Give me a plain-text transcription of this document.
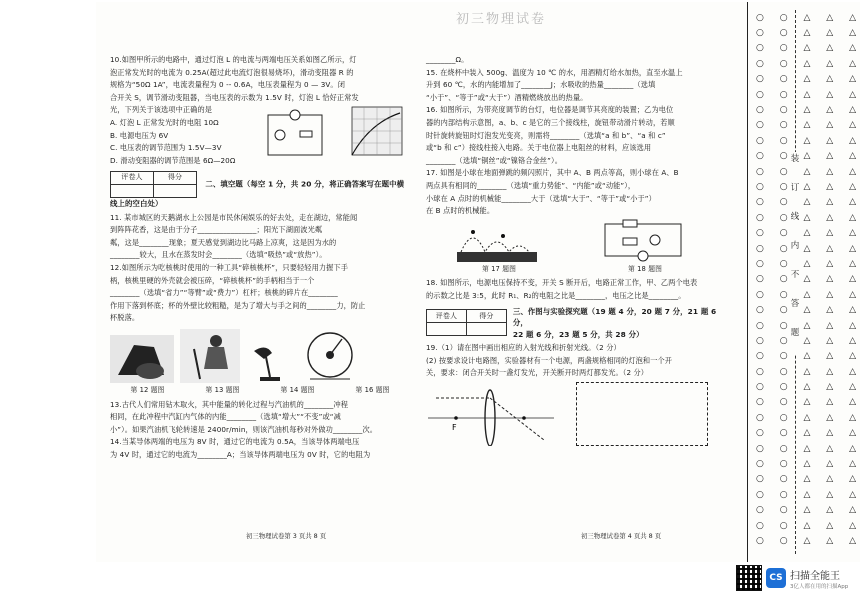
初三物理试卷

10.如图甲所示的电路中，通过灯泡 L 的电流与两端电压关系如图乙所示，灯

泡正常发光时的电流为 0.25A(超过此电流灯泡很易烧坏)，滑动变阻器 R 的

规格为“50Ω 1A”，电流表量程为 0 -- 0.6A，电压表量程为 0 — 3V。闭

合开关 S，调节滑动变阻器，当电压表的示数为 1.5V 时，灯泡 L 恰好正常发

光，下列关于该选项中正确的是

A. 灯泡 L 正常发光时的电阻 10Ω

B. 电源电压为 6V

C. 电压表的调节范围为 1.5V—3V

D. 滑动变阻器的调节范围是 6Ω—20Ω

评卷人	得分
	二、填空题（每空 1 分，共 20 分，将正确答案写在题中横线上的空白处）

11. 某市城区的天鹅湖水上公园是市民休闲娱乐的好去处，走在湖边，常能闻

到阵阵花香，这是由于分子________________；阳光下湖面波光粼

粼，这是________现象；夏天感觉到湖边比马路上凉爽，这是因为水的

________较大，且水在蒸发时会________（选填“吸热”或“放热”）。

12.如图所示为吃核桃时使用的一种工具“碎核桃杯”，只要轻轻用力握下手

柄，核桃里硬的外壳就会被压碎，“碎核桃杯”的手柄相当于一个

________（选填“省力”“等臂”或“费力”）杠杆；核桃的碎片在________

作用下落到杯底；杯的外壁比较粗糙，是为了增大与手之间的________力，防止

杯脱落。

第 12 题图	第 13 题图	第 14 题图	第 16 题图

13.古代人们常用钻木取火，其中能量的转化过程与汽油机的________冲程

相同，在此冲程中汽缸内气体的内能________（选填“增大”“不变”或“减

小”）。如果汽油机飞轮转速是 2400r/min，则该汽油机每秒对外做功________次。

14.当某导体两端的电压为 8V 时，通过它的电流为 0.5A，当该导体两端电压

为 4V 时，通过它的电流为________A；当该导体两端电压为 0V 时，它的电阻为

初三物理试卷第 3 页共 8 页

________Ω。

15. 在烧杯中装入 500g、温度为 10 ℃ 的水，用酒精灯给水加热，直至水温上

升到 60 ℃，水的内能增加了________J；水吸收的热量________（选填

“小于”、“等于”或“大于”）酒精燃烧放出的热量。

16. 如图所示，为带亮度调节的台灯，电位器是调节其亮度的装置；乙为电位

器的内部结构示意图，a、b、c 是它的三个接线柱，旋钮带动滑片转动，若顺

时针旋转旋钮时灯泡发光变亮，则需将________（选填“a 和 b”、“a 和 c”

或“b 和 c”）接线柱接入电路。关于电位器上电阻丝的材料，应该选用

________（选填“铜丝”或“镍铬合金丝”）。

17. 如图是小球在地面弹跳的频闪照片，其中 A、B 两点等高，则小球在 A、B

两点具有相同的________（选填“重力势能”、“内能”或“动能”），

小球在 A 点时的机械能________大于（选填“大于”、“等于”或“小于”）

在 B 点时的机械能。

第 17 题图	第 18 题图

18. 如图所示，电源电压保持不变，开关 S 断开后，电路正常工作，甲、乙两个电表

的示数之比是 3:5，此时 R₁、R₂的电阻之比是________，电压之比是________。

评卷人	得分

三、作图与实验探究题（19 题 4 分，20 题 7 分，21 题 6 分，
22 题 6 分，23 题 5 分，共 28 分）

19.（1）请在图中画出相应的入射光线和折射光线。（2 分）

(2) 按要求设计电路图，实验器材有一个电源，两盏规格相同的灯泡和一个开

关，要求：闭合开关时一盏灯发光，开关断开时两灯都发光。（2 分）

F
初三物理试卷第 4 页共 8 页
○ ○ △ △ △
○ ○ △ △ △
○ ○ △ △ △
○ ○ △ △ △
○ ○ △ △ △
○ ○ △ △ △
○ ○ △ △ △
○ ○ △ △ △
○ ○ △ △ △
○ ○ △ △ △
○ ○ △ △ △
○ ○ △ △ △
○ ○ △ △ △
○ ○ △ △ △
○ ○ △ △ △
○ ○ △ △ △
○ ○ △ △ △
○ ○ △ △ △
○ ○ △ △ △
○ ○ △ △ △
○ ○ △ △ △
○ ○ △ △ △
○ ○ △ △ △
○ ○ △ △ △
○ ○ △ △ △
○ ○ △ △ △
○ ○ △ △ △
○ ○ △ △ △
○ ○ △ △ △
○ ○ △ △ △
○ ○ △ △ △
○ ○ △ △ △
○ ○ △ △ △
○ ○ △ △ △
○ ○ △ △ △
装
订
线
内
不
答
题
CS 扫描全能王
3亿人都在用的扫描App
